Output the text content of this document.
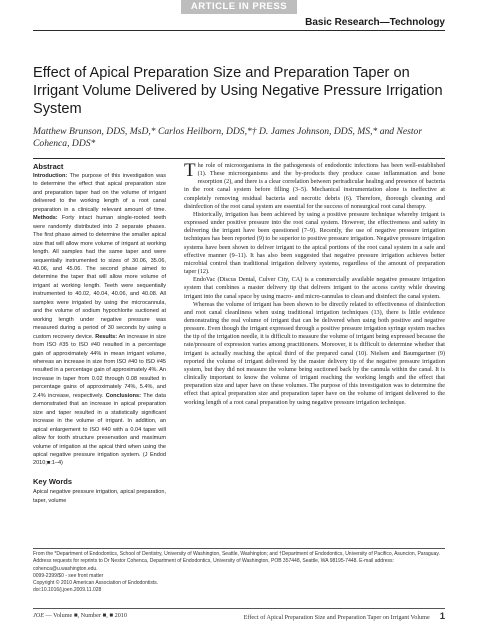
ARTICLE IN PRESS
Basic Research—Technology
Effect of Apical Preparation Size and Preparation Taper on Irrigant Volume Delivered by Using Negative Pressure Irrigation System
Matthew Brunson, DDS, MsD,* Carlos Heilborn, DDS,*† D. James Johnson, DDS, MS,* and Nestor Cohenca, DDS*
Abstract

Introduction: The purpose of this investigation was to determine the effect that apical preparation size and preparation taper had on the volume of irrigant delivered to the working length of a root canal preparation in a clinically relevant amount of time. Methods: Forty intact human single-rooted teeth were randomly distributed into 2 separate phases. The first phase aimed to determine the smaller apical size that will allow more volume of irrigant at working length. All samples had the same taper and were sequentially instrumented to sizes of 30.06, 35.06, 40.06, and 45.06. The second phase aimed to determine the taper that will allow more volume of irrigant at working length. Teeth were sequentially instrumented to 40.02, 40.04, 40.06, and 40.08. All samples were irrigated by using the microcannula, and the volume of sodium hypochlorite suctioned at working length under negative pressure was measured during a period of 30 seconds by using a custom recovery device. Results: An increase in size from ISO #35 to ISO #40 resulted in a percentage gain of approximately 44% in mean irrigant volume, whereas an increase in size from ISO #40 to ISO #45 resulted in a percentage gain of approximately 4%. An increase in taper from 0.02 through 0.08 resulted in percentage gains of approximately 74%, 5.4%, and 2.4% increase, respectively. Conclusions: The data demonstrated that an increase in apical preparation size and taper resulted in a statistically significant increase in the volume of irrigant. In addition, an apical enlargement to ISO #40 with a 0.04 taper will allow for tooth structure preservation and maximum volume of irrigation at the apical third when using the apical negative pressure irrigation system. (J Endod 2010;■:1–4)

Key Words

Apical negative pressure irrigation, apical preparation, taper, volume

The role of microorganisms in the pathogenesis of endodontic infections has been well-established (1). These microorganisms and the by-products they produce cause inflammation and bone resorption (2), and there is a clear correlation between periradicular healing and presence of bacteria in the root canal system before filling (3–5). Mechanical instrumentation alone is ineffective at completely removing residual bacteria and necrotic debris (6). Therefore, thorough cleaning and disinfection of the root canal system are essential for the success of nonsurgical root canal therapy.

Historically, irrigation has been achieved by using a positive pressure technique whereby irrigant is expressed under positive pressure into the root canal system. However, the effectiveness and safety in delivering the irrigant have been questioned (7–9). Recently, the use of negative pressure irrigation techniques has been reported (9) to be superior to positive pressure irrigation. Negative pressure irrigation systems have been shown to deliver irrigant to the apical portions of the root canal system in a safe and effective manner (9–11). It has also been suggested that negative pressure irrigation achieves better microbial control than traditional irrigation delivery systems, regardless of the amount of preparation taper (12).

EndoVac (Discus Dental, Culver City, CA) is a commercially available negative pressure irrigation system that combines a master delivery tip that delivers irrigant to the access cavity while drawing irrigant into the canal space by using macro- and micro-cannulas to clean and disinfect the canal system.

Whereas the volume of irrigant has been shown to be directly related to effectiveness of disinfection and root canal cleanliness when using traditional irrigation techniques (13), there is little evidence demonstrating the real volume of irrigant that can be delivered when using both positive and negative pressure. Even though the irrigant expressed through a positive pressure irrigation syringe system reaches the tip of the irrigation needle, it is difficult to measure the volume of irrigant being expressed because the rate/pressure of expression varies among practitioners. Moreover, it is difficult to determine whether that irrigant is actually reaching the apical third of the prepared canal (10). Nielsen and Baumgartner (9) reported the volume of irrigant delivered by the master delivery tip of the negative pressure irrigation system, but they did not measure the volume being suctioned back by the cannula within the canal. It is clinically important to know the volume of irrigant reaching the working length and the effect that preparation size and taper have on these volumes. The purpose of this investigation was to determine the effect that apical preparation size and preparation taper have on the volume of irrigant delivered to the working length of a root canal preparation by using negative pressure irrigation technique.

From the *Department of Endodontics, School of Dentistry, University of Washington, Seattle, Washington; and †Department of Endodontics, University of Pacifico, Asuncion, Paraguay.
Address requests for reprints to Dr Nestor Cohenca, Department of Endodontics, University of Washington, POB 357448, Seattle, WA 98195-7448. E-mail address: cohenca@u.washington.edu.
0099-2399/$0 - see front matter
Copyright © 2010 American Association of Endodontists.
doi:10.1016/j.joen.2009.11.028
JOE — Volume ■, Number ■, ■ 2010	Effect of Apical Preparation Size and Preparation Taper on Irrigant Volume 1
